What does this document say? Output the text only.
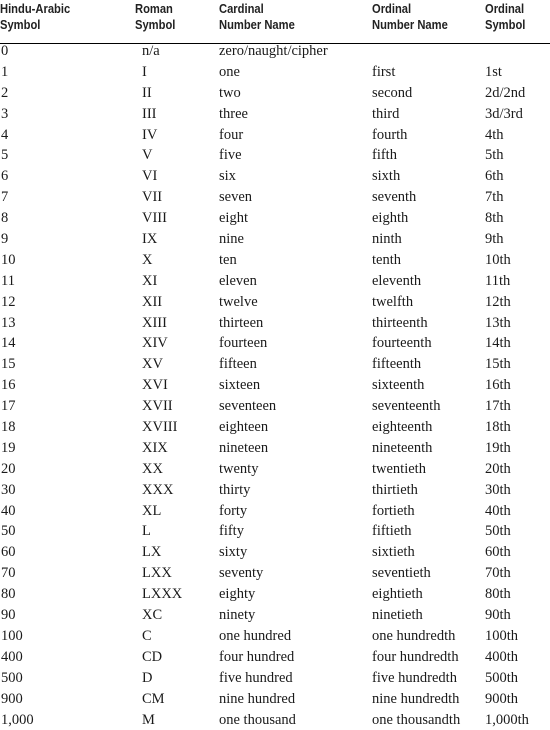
Hindu-Arabic
Symbol
Roman
Symbol
Cardinal
Number Name
Ordinal
Number Name
Ordinal
Symbol
0	n/a	zero/naught/cipher
1	I	one	first	1st
2	II	two	second	2d/2nd
3	III	three	third	3d/3rd
4	IV	four	fourth	4th
5	V	five	fifth	5th
6	VI	six	sixth	6th
7	VII	seven	seventh	7th
8	VIII	eight	eighth	8th
9	IX	nine	ninth	9th
10	X	ten	tenth	10th
11	XI	eleven	eleventh	11th
12	XII	twelve	twelfth	12th
13	XIII	thirteen	thirteenth	13th
14	XIV	fourteen	fourteenth	14th
15	XV	fifteen	fifteenth	15th
16	XVI	sixteen	sixteenth	16th
17	XVII	seventeen	seventeenth	17th
18	XVIII	eighteen	eighteenth	18th
19	XIX	nineteen	nineteenth	19th
20	XX	twenty	twentieth	20th
30	XXX	thirty	thirtieth	30th
40	XL	forty	fortieth	40th
50	L	fifty	fiftieth	50th
60	LX	sixty	sixtieth	60th
70	LXX	seventy	seventieth	70th
80	LXXX	eighty	eightieth	80th
90	XC	ninety	ninetieth	90th
100	C	one hundred	one hundredth 100th
400	CD	four hundred	four hundredth 400th
500	D	five hundred	five hundredth 500th
900	CM	nine hundred	nine hundredth 900th
1,000	M	one thousand	one thousandth 1,000th
